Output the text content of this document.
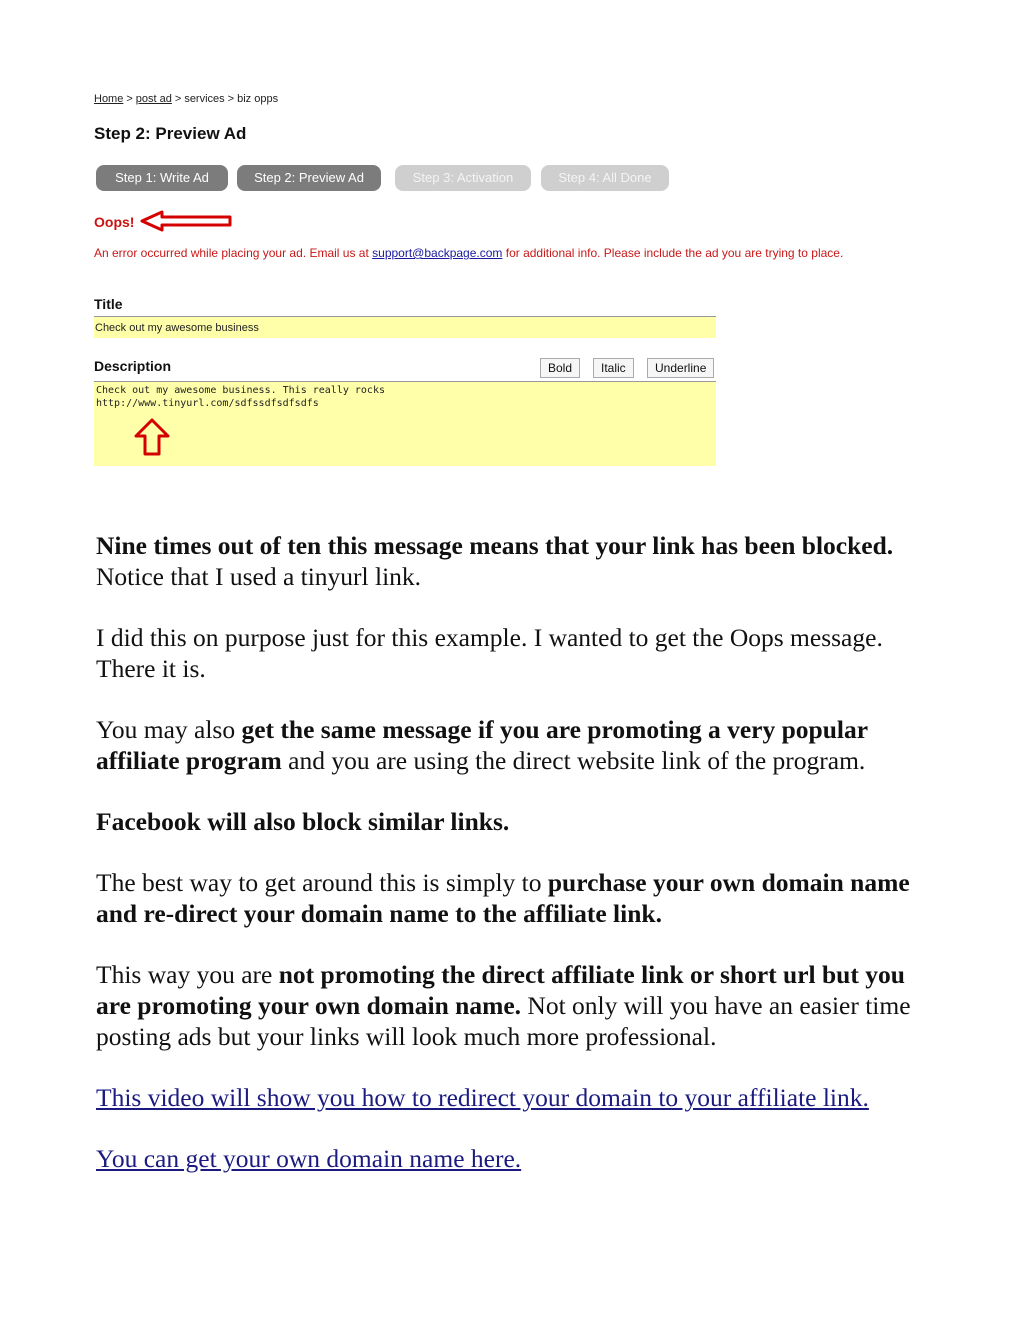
Home > post ad > services > biz opps
Step 2: Preview Ad
Step 1: Write Ad	Step 2: Preview Ad	Step 3: Activation	Step 4: All Done
Oops!
An error occurred while placing your ad. Email us at support@backpage.com for additional info. Please include the ad you are trying to place.
Title
Check out my awesome business
Description	Bold	Italic	Underline
Check out my awesome business. This really rocks
http://www.tinyurl.com/sdfssdfsdfsdfs

Nine times out of ten this message means that your link has been blocked. Notice that I used a tinyurl link.

I did this on purpose just for this example. I wanted to get the Oops message. There it is.

You may also get the same message if you are promoting a very popular affiliate program and you are using the direct website link of the program.

Facebook will also block similar links.

The best way to get around this is simply to purchase your own domain name and re-direct your domain name to the affiliate link.

This way you are not promoting the direct affiliate link or short url but you are promoting your own domain name. Not only will you have an easier time posting ads but your links will look much more professional.

This video will show you how to redirect your domain to your affiliate link.

You can get your own domain name here.
